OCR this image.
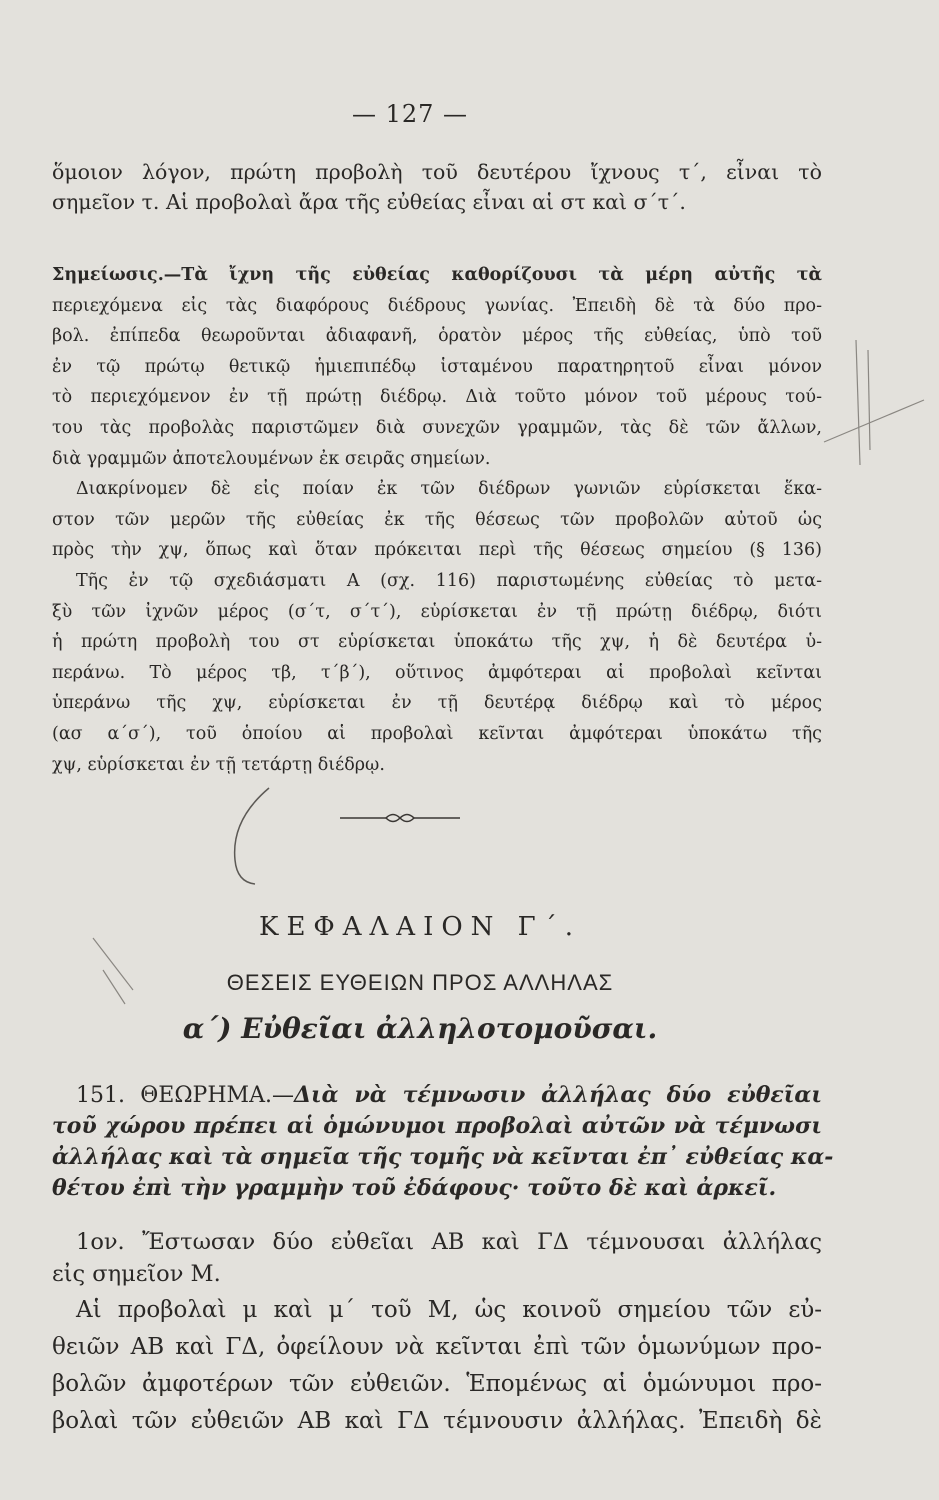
— 127 —
ὅμοιον λόγον, πρώτη προβολὴ τοῦ δευτέρου ἴχνους τ΄, εἶναι τὸ
σημεῖον τ. Αἱ προβολαὶ ἄρα τῆς εὐθείας εἶναι αἱ στ καὶ σ΄τ΄.
Σημείωσις.—Τὰ ἴχνη τῆς εὐθείας καθορίζουσι τὰ μέρη αὐτῆς τὰ
περιεχόμενα εἰς τὰς διαφόρους διέδρους γωνίας. Ἐπειδὴ δὲ τὰ δύο προ-
βολ. ἐπίπεδα θεωροῦνται ἀδιαφανῆ, ὁρατὸν μέρος τῆς εὐθείας, ὑπὸ τοῦ
ἐν τῷ πρώτῳ θετικῷ ἡμιεπιπέδῳ ἱσταμένου παρατηρητοῦ εἶναι μόνον
τὸ περιεχόμενον ἐν τῇ πρώτῃ διέδρῳ. Διὰ τοῦτο μόνον τοῦ μέρους τού-
του τὰς προβολὰς παριστῶμεν διὰ συνεχῶν γραμμῶν, τὰς δὲ τῶν ἄλλων,
διὰ γραμμῶν ἀποτελουμένων ἐκ σειρᾶς σημείων.
Διακρίνομεν δὲ εἰς ποίαν ἐκ τῶν διέδρων γωνιῶν εὑρίσκεται ἕκα-
στον τῶν μερῶν τῆς εὐθείας ἐκ τῆς θέσεως τῶν προβολῶν αὐτοῦ ὡς
πρὸς τὴν χψ, ὅπως καὶ ὅταν πρόκειται περὶ τῆς θέσεως σημείου (§ 136)
Τῆς ἐν τῷ σχεδιάσματι Α (σχ. 116) παριστωμένης εὐθείας τὸ μετα-
ξὺ τῶν ἰχνῶν μέρος (σ΄τ, σ΄τ΄), εὑρίσκεται ἐν τῇ πρώτῃ διέδρῳ, διότι
ἡ πρώτη προβολὴ του στ εὑρίσκεται ὑποκάτω τῆς χψ, ἡ δὲ δευτέρα ὑ-
περάνω. Τὸ μέρος τβ, τ΄β΄), οὕτινος ἀμφότεραι αἱ προβολαὶ κεῖνται
ὑπεράνω τῆς χψ, εὑρίσκεται ἐν τῇ δευτέρᾳ διέδρῳ καὶ τὸ μέρος
(ασ α΄σ΄), τοῦ ὁποίου αἱ προβολαὶ κεῖνται ἀμφότεραι ὑποκάτω τῆς
χψ, εὑρίσκεται ἐν τῇ τετάρτῃ διέδρῳ.
ΚΕΦΑΛΑΙΟΝ Γ΄.
ΘΕΣΕΙΣ ΕΥΘΕΙΩΝ ΠΡΟΣ ΑΛΛΗΛΑΣ
α΄) Εὐθεῖαι ἀλληλοτομοῦσαι.
151. ΘΕΩΡΗΜΑ.—Διὰ νὰ τέμνωσιν ἀλλήλας δύο εὐθεῖαι
τοῦ χώρου πρέπει αἱ ὁμώνυμοι προβολαὶ αὐτῶν νὰ τέμνωσι
ἀλλήλας καὶ τὰ σημεῖα τῆς τομῆς νὰ κεῖνται ἐπ᾽ εὐθείας κα-
θέτου ἐπὶ τὴν γραμμὴν τοῦ ἐδάφους· τοῦτο δὲ καὶ ἀρκεῖ.
1ον. Ἔστωσαν δύο εὐθεῖαι ΑΒ καὶ ΓΔ τέμνουσαι ἀλλήλας
εἰς σημεῖον Μ.
Αἱ προβολαὶ μ καὶ μ΄ τοῦ Μ, ὡς κοινοῦ σημείου τῶν εὐ-
θειῶν ΑΒ καὶ ΓΔ, ὀφείλουν νὰ κεῖνται ἐπὶ τῶν ὁμωνύμων προ-
βολῶν ἀμφοτέρων τῶν εὐθειῶν. Ἑπομένως αἱ ὁμώνυμοι προ-
βολαὶ τῶν εὐθειῶν ΑΒ καὶ ΓΔ τέμνουσιν ἀλλήλας. Ἐπειδὴ δὲ
